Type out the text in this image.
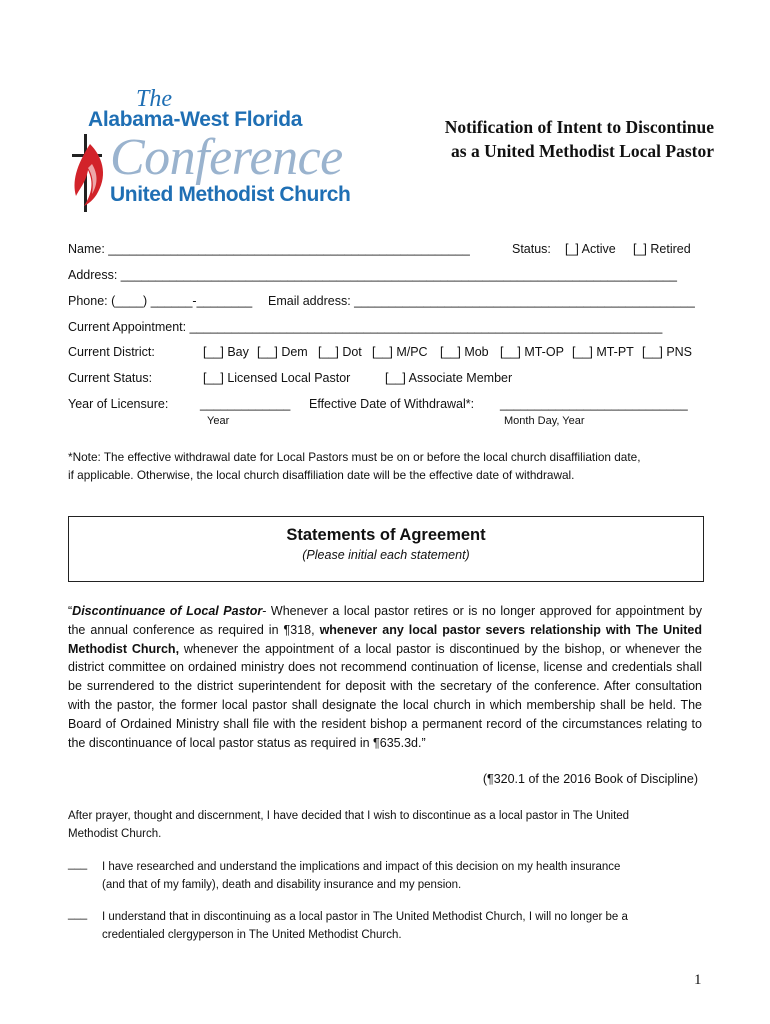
The
Alabama-West Florida
Conference
United Methodist Church
Notification of Intent to Discontinue
as a United Methodist Local Pastor
Name: ____________________________________________________	Status: [_] Active [_] Retired
Address: ________________________________________________________________________________
Phone: (____) ______-________ Email address: _________________________________________________
Current Appointment: ____________________________________________________________________
Current District:	[__] Bay [__] Dem [__] Dot [__] M/PC [__] Mob [__] MT-OP [__] MT-PT [__] PNS
Current Status:	[__] Licensed Local Pastor	[__] Associate Member
Year of Licensure:	_____________ Effective Date of Withdrawal*: ___________________________
Year	Month Day, Year
*Note: The effective withdrawal date for Local Pastors must be on or before the local church disaffiliation date,
if applicable. Otherwise, the local church disaffiliation date will be the effective date of withdrawal.
Statements of Agreement

(Please initial each statement)

“Discontinuance of Local Pastor- Whenever a local pastor retires or is no longer approved for appointment by the annual conference as required in ¶318, whenever any local pastor severs relationship with The United Methodist Church, whenever the appointment of a local pastor is discontinued by the bishop, or whenever the district committee on ordained ministry does not recommend continuation of license, license and credentials shall be surrendered to the district superintendent for deposit with the secretary of the conference. After consultation with the pastor, the former local pastor shall designate the local church in which membership shall be held. The Board of Ordained Ministry shall file with the resident bishop a permanent record of the circumstances relating to the discontinuance of local pastor status as required in ¶635.3d.”
(¶320.1 of the 2016 Book of Discipline)
After prayer, thought and discernment, I have decided that I wish to discontinue as a local pastor in The United
Methodist Church.
___ I have researched and understand the implications and impact of this decision on my health insurance
(and that of my family), death and disability insurance and my pension.
___ I understand that in discontinuing as a local pastor in The United Methodist Church, I will no longer be a
credentialed clergyperson in The United Methodist Church.
1
